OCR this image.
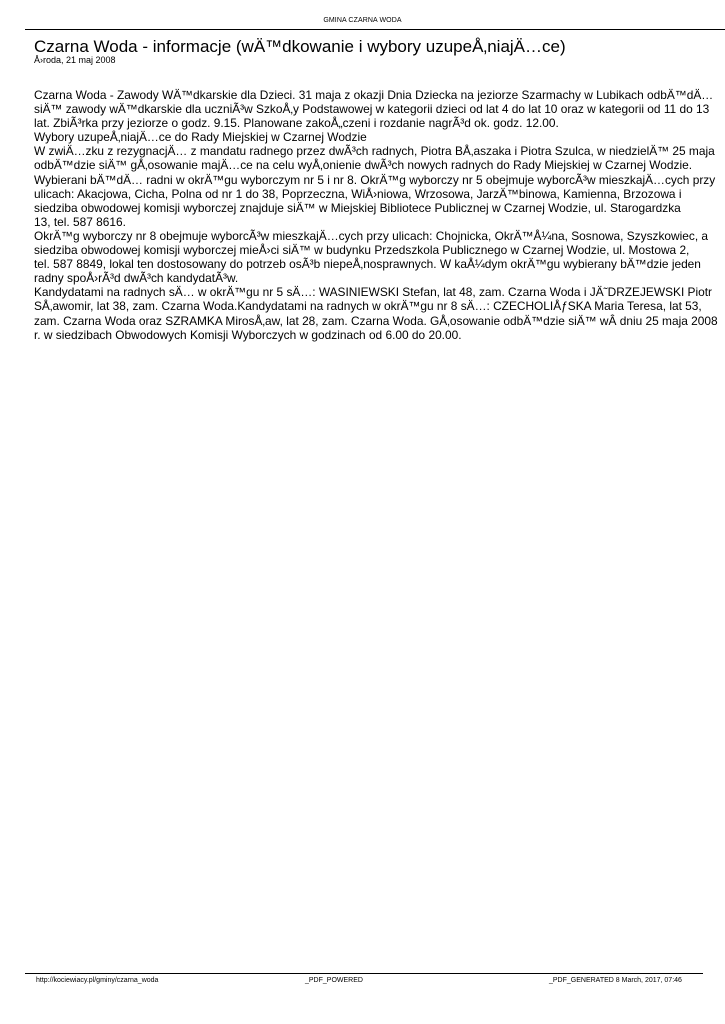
GMINA CZARNA WODA
Czarna Woda - informacje (wÄ™dkowanie i wybory uzupeÅ‚niajÄ…ce)
Å›roda, 21 maj 2008
Czarna Woda - Zawody WÄ™dkarskie dla Dzieci. 31 maja z okazji Dnia Dziecka na jeziorze Szarmachy w Lubikach odbÄ™dÄ…
siÄ™ zawody wÄ™dkarskie dla uczniÃ³w SzkoÅ‚y Podstawowej w kategorii dzieci od lat 4 do lat 10 oraz w kategorii od 11 do 13
lat. ZbiÃ³rka przy jeziorze o godz. 9.15. Planowane zakoÅ„czeni i rozdanie nagrÃ³d ok. godz. 12.00.
Wybory uzupeÅ‚niajÄ…ce do Rady Miejskiej w Czarnej Wodzie
W zwiÄ…zku z rezygnacjÄ… z mandatu radnego przez dwÃ³ch radnych, Piotra BÅ‚aszaka i Piotra Szulca, w niedzielÄ™ 25 maja
odbÄ™dzie siÄ™ gÅ‚osowanie majÄ…ce na celu wyÅ‚onienie dwÃ³ch nowych radnych do Rady Miejskiej w Czarnej Wodzie.
Wybierani bÄ™dÄ… radni w okrÄ™gu wyborczym nr 5 i nr 8. OkrÄ™g wyborczy nr 5 obejmuje wyborcÃ³w mieszkajÄ…cych przy
ulicach: Akacjowa, Cicha, Polna od nr 1 do 38, Poprzeczna, WiÅ›niowa, Wrzosowa, JarzÄ™binowa, Kamienna, Brzozowa i
siedziba obwodowej komisji wyborczej znajduje siÄ™ w Miejskiej Bibliotece Publicznej w Czarnej Wodzie, ul. Starogardzka
13, tel. 587 8616.
OkrÄ™g wyborczy nr 8 obejmuje wyborcÃ³w mieszkajÄ…cych przy ulicach: Chojnicka, OkrÄ™Å¼na, Sosnowa, Szyszkowiec, a
siedziba obwodowej komisji wyborczej mieÅ›ci siÄ™ w budynku Przedszkola Publicznego w Czarnej Wodzie, ul. Mostowa 2,
tel. 587 8849, lokal ten dostosowany do potrzeb osÃ³b niepeÅ‚nosprawnych. W kaÅ¼dym okrÄ™gu wybierany bÄ™dzie jeden
radny spoÅ›rÃ³d dwÃ³ch kandydatÃ³w.
Kandydatami na radnych sÄ… w okrÄ™gu nr 5 sÄ…: WASINIEWSKI Stefan, lat 48, zam. Czarna Woda i JÄ˜DRZEJEWSKI Piotr
SÅ‚awomir, lat 38, zam. Czarna Woda.Kandydatami na radnych w okrÄ™gu nr 8 sÄ…: CZECHOLIÅƒSKA Maria Teresa, lat 53,
zam. Czarna Woda oraz SZRAMKA MirosÅ‚aw, lat 28, zam. Czarna Woda. GÅ‚osowanie odbÄ™dzie siÄ™ wÂ dniu 25 maja 2008
r. w siedzibach Obwodowych Komisji Wyborczych w godzinach od 6.00 do 20.00.
http://kociewiacy.pl/gminy/czarna_woda	_PDF_POWERED	_PDF_GENERATED 8 March, 2017, 07:46
